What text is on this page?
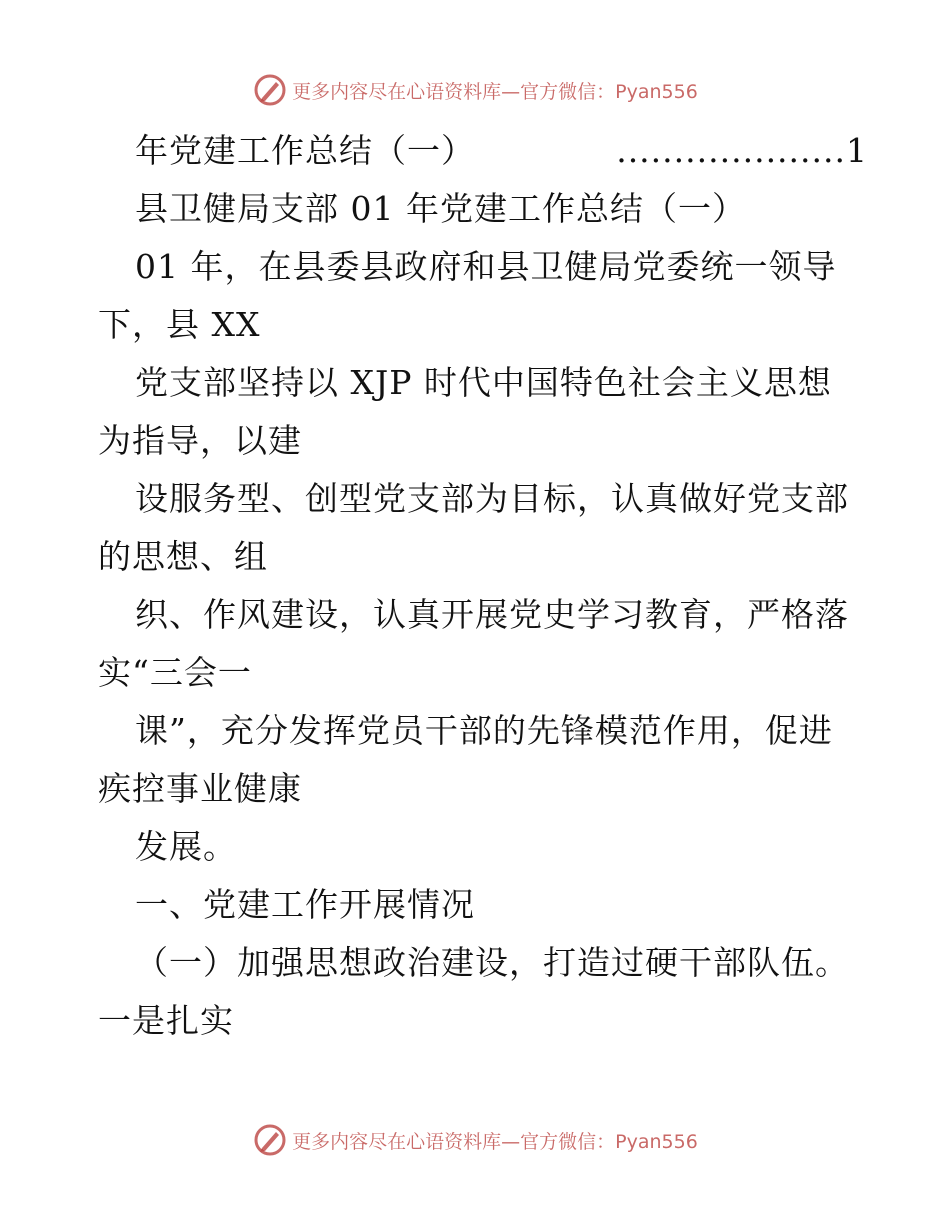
更多内容尽在心语资料库—官方微信：Pyan556
年党建工作总结（一）	....................1
县卫健局支部 01 年党建工作总结（一）
01 年，在县委县政府和县卫健局党委统一领导
下，县 XX
党支部坚持以 XJP 时代中国特色社会主义思想
为指导，以建
设服务型、创型党支部为目标，认真做好党支部
的思想、组
织、作风建设，认真开展党史学习教育，严格落
实“三会一
课”，充分发挥党员干部的先锋模范作用，促进
疾控事业健康
发展。
一、党建工作开展情况
（一）加强思想政治建设，打造过硬干部队伍。
一是扎实
更多内容尽在心语资料库—官方微信：Pyan556
